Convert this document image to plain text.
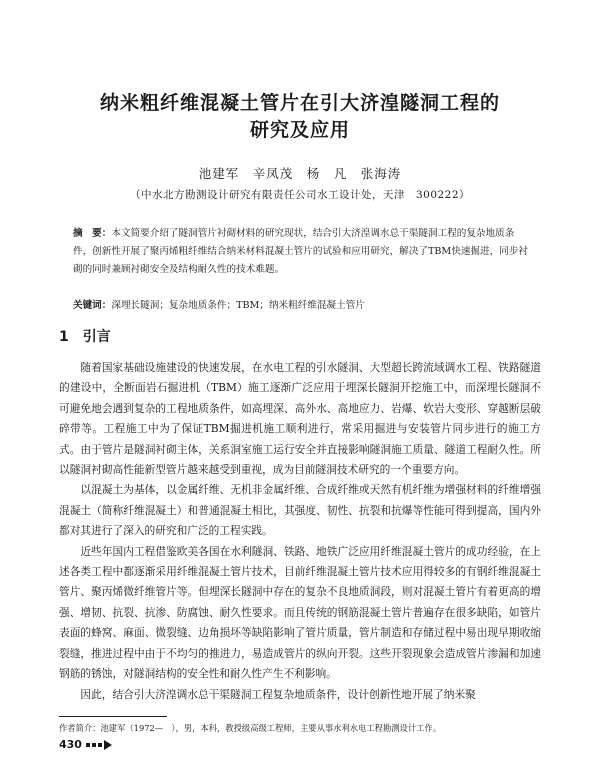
纳米粗纤维混凝土管片在引大济湟隧洞工程的
研究及应用
池建军　辛凤茂　杨　凡　张海涛
（中水北方勘测设计研究有限责任公司水工设计处，天津　300222）

摘　要：本文简要介绍了隧洞管片衬砌材料的研究现状，结合引大济湟调水总干渠隧洞工程的复杂地质条件，创新性开展了聚丙烯粗纤维结合纳米材料混凝土管片的试验和应用研究，解决了TBM快速掘进，同步衬砌的同时兼顾衬砌安全及结构耐久性的技术难题。

关键词：深埋长隧洞；复杂地质条件；TBM；纳米粗纤维混凝土管片

1　引言

随着国家基础设施建设的快速发展，在水电工程的引水隧洞、大型超长跨流域调水工程、铁路隧道的建设中，全断面岩石掘进机（TBM）施工逐渐广泛应用于埋深长隧洞开挖施工中，而深埋长隧洞不可避免地会遇到复杂的工程地质条件，如高埋深、高外水、高地应力、岩爆、软岩大变形、穿越断层破碎带等。工程施工中为了保证TBM掘进机施工顺利进行，常采用掘进与安装管片同步进行的施工方式。由于管片是隧洞衬砌主体，关系洞室施工运行安全并直接影响隧洞施工质量、隧道工程耐久性。所以隧洞衬砌高性能新型管片越来越受到重视，成为目前隧洞技术研究的一个重要方向。

以混凝土为基体，以金属纤维、无机非金属纤维、合成纤维或天然有机纤维为增强材料的纤维增强混凝土（简称纤维混凝土）和普通混凝土相比，其强度、韧性、抗裂和抗爆等性能可得到提高，国内外都对其进行了深入的研究和广泛的工程实践。

近些年国内工程借鉴欧美各国在水利隧洞、铁路、地铁广泛应用纤维混凝土管片的成功经验，在上述各类工程中都逐渐采用纤维混凝土管片技术，目前纤维混凝土管片技术应用得较多的有钢纤维混凝土管片、聚丙烯微纤维管片等。但埋深长隧洞中存在的复杂不良地质洞段，则对混凝土管片有着更高的增强、增韧、抗裂、抗渗、防腐蚀、耐久性要求。而且传统的钢筋混凝土管片普遍存在很多缺陷，如管片表面的蜂窝、麻面、微裂缝、边角损坏等缺陷影响了管片质量，管片制造和存储过程中易出现早期收缩裂缝，推进过程中由于不均匀的推进力，易造成管片的纵向开裂。这些开裂现象会造成管片渗漏和加速钢筋的锈蚀，对隧洞结构的安全性和耐久性产生不利影响。

因此，结合引大济湟调水总干渠隧洞工程复杂地质条件，设计创新性地开展了纳米聚

作者简介：池建军（1972—　），男，本科，教授级高级工程师，主要从事水利水电工程勘测设计工作。

430
